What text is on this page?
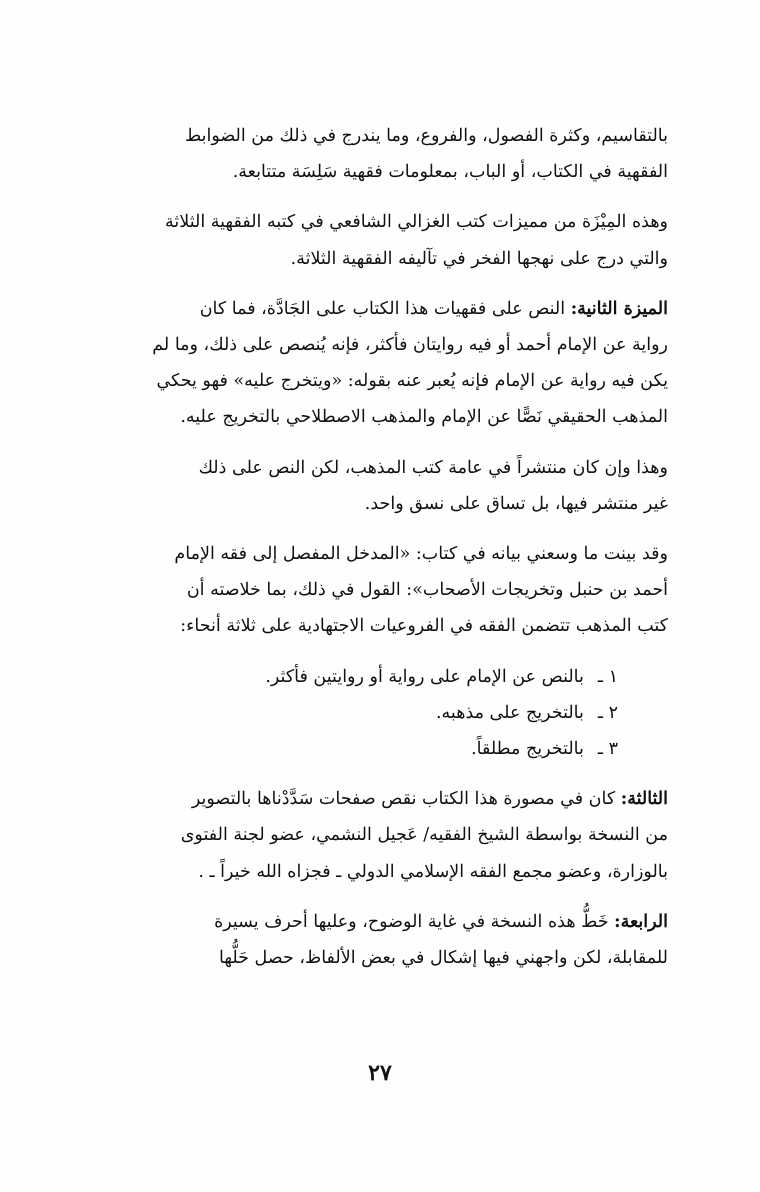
بالتقاسيم، وكثرة الفصول، والفروع، وما يندرج في ذلك من الضوابط
الفقهية في الكتاب، أو الباب، بمعلومات فقهية سَلِسَة متتابعة.

وهذه المِيْزَة من مميزات كتب الغزالي الشافعي في كتبه الفقهية الثلاثة
والتي درج على نهجها الفخر في تآليفه الفقهية الثلاثة.

الميزة الثانية: النص على فقهيات هذا الكتاب على الجَادَّة، فما كان
رواية عن الإمام أحمد أو فيه روايتان فأكثر، فإنه يُنصص على ذلك، وما لم
يكن فيه رواية عن الإمام فإنه يُعبر عنه بقوله: «ويتخرج عليه» فهو يحكي
المذهب الحقيقي نَصًّا عن الإمام والمذهب الاصطلاحي بالتخريج عليه.

وهذا وإن كان منتشراً في عامة كتب المذهب، لكن النص على ذلك
غير منتشر فيها، بل تساق على نسق واحد.

وقد بينت ما وسعني بيانه في كتاب: «المدخل المفصل إلى فقه الإمام
أحمد بن حنبل وتخريجات الأصحاب»: القول في ذلك، بما خلاصته أن
كتب المذهب تتضمن الفقه في الفروعيات الاجتهادية على ثلاثة أنحاء:

١ ـبالنص عن الإمام على رواية أو روايتين فأكثر.
٢ ـبالتخريج على مذهبه.
٣ ـبالتخريج مطلقاً.

الثالثة: كان في مصورة هذا الكتاب نقص صفحات سَدَّدْناها بالتصوير
من النسخة بواسطة الشيخ الفقيه/ عَجيل النشمي، عضو لجنة الفتوى
بالوزارة، وعضو مجمع الفقه الإسلامي الدولي ـ فجزاه الله خيراً ـ .

الرابعة: خَطُّ هذه النسخة في غاية الوضوح، وعليها أحرف يسيرة
للمقابلة، لكن واجهني فيها إشكال في بعض الألفاظ، حصل حَلُّها

٢٧
